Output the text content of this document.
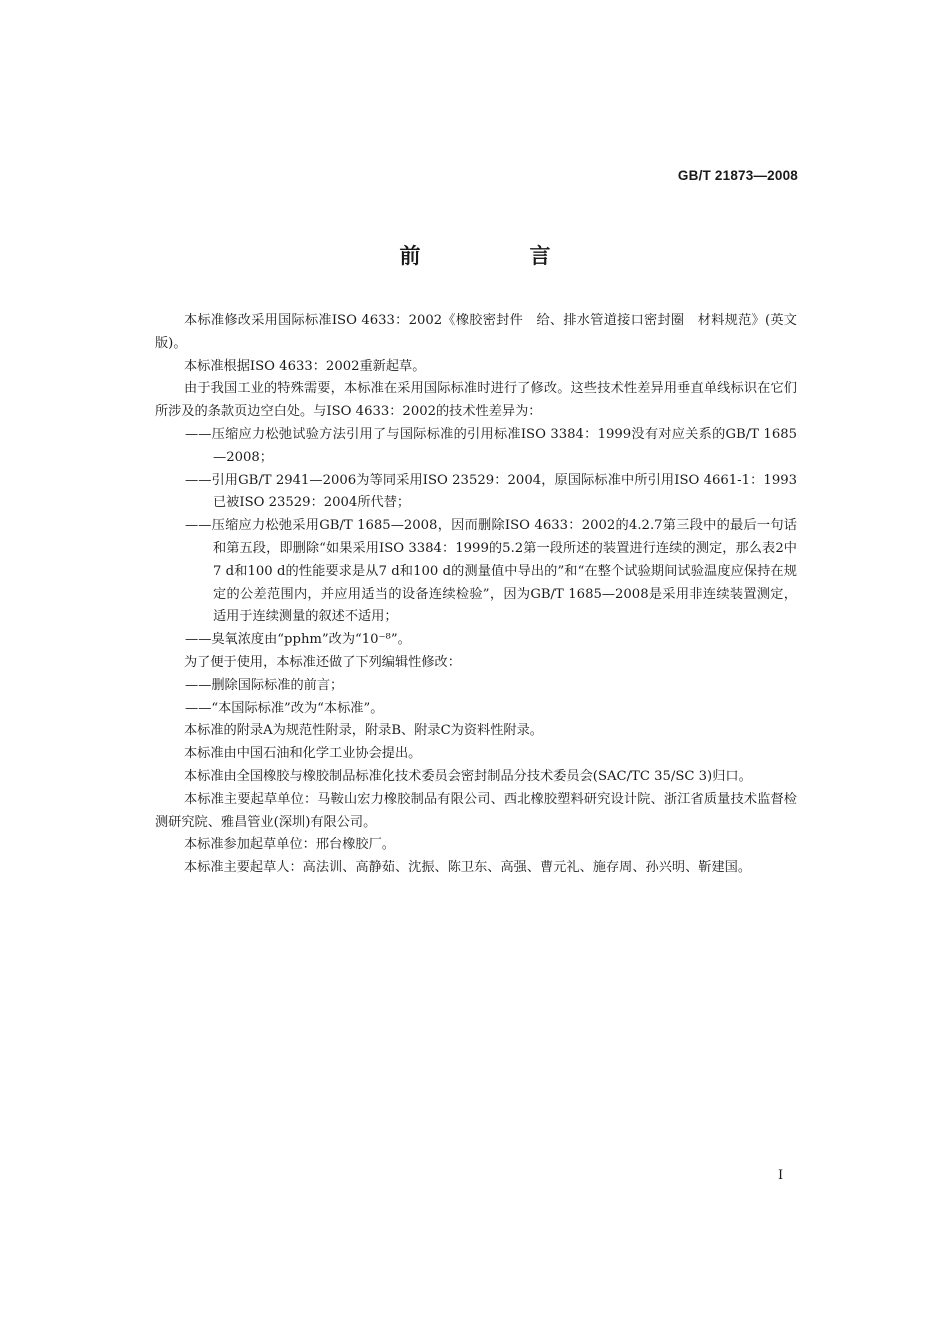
GB/T 21873—2008
前　言

本标准修改采用国际标准ISO 4633：2002《橡胶密封件　给、排水管道接口密封圈　材料规范》(英文版)。

本标准根据ISO 4633：2002重新起草。

由于我国工业的特殊需要，本标准在采用国际标准时进行了修改。这些技术性差异用垂直单线标识在它们所涉及的条款页边空白处。与ISO 4633：2002的技术性差异为：

——压缩应力松弛试验方法引用了与国际标准的引用标准ISO 3384：1999没有对应关系的GB/T 1685—2008；

——引用GB/T 2941—2006为等同采用ISO 23529：2004，原国际标准中所引用ISO 4661-1：1993已被ISO 23529：2004所代替；

——压缩应力松弛采用GB/T 1685—2008，因而删除ISO 4633：2002的4.2.7第三段中的最后一句话和第五段，即删除“如果采用ISO 3384：1999的5.2第一段所述的装置进行连续的测定，那么表2中7 d和100 d的性能要求是从7 d和100 d的测量值中导出的”和“在整个试验期间试验温度应保持在规定的公差范围内，并应用适当的设备连续检验”，因为GB/T 1685—2008是采用非连续装置测定，适用于连续测量的叙述不适用；

——臭氧浓度由“pphm”改为“10⁻⁸”。

为了便于使用，本标准还做了下列编辑性修改：

——删除国际标准的前言；

——“本国际标准”改为“本标准”。

本标准的附录A为规范性附录，附录B、附录C为资料性附录。

本标准由中国石油和化学工业协会提出。

本标准由全国橡胶与橡胶制品标准化技术委员会密封制品分技术委员会(SAC/TC 35/SC 3)归口。

本标准主要起草单位：马鞍山宏力橡胶制品有限公司、西北橡胶塑料研究设计院、浙江省质量技术监督检测研究院、雅昌管业(深圳)有限公司。

本标准参加起草单位：邢台橡胶厂。

本标准主要起草人：高法训、高静茹、沈振、陈卫东、高强、曹元礼、施存周、孙兴明、靳建国。

I
